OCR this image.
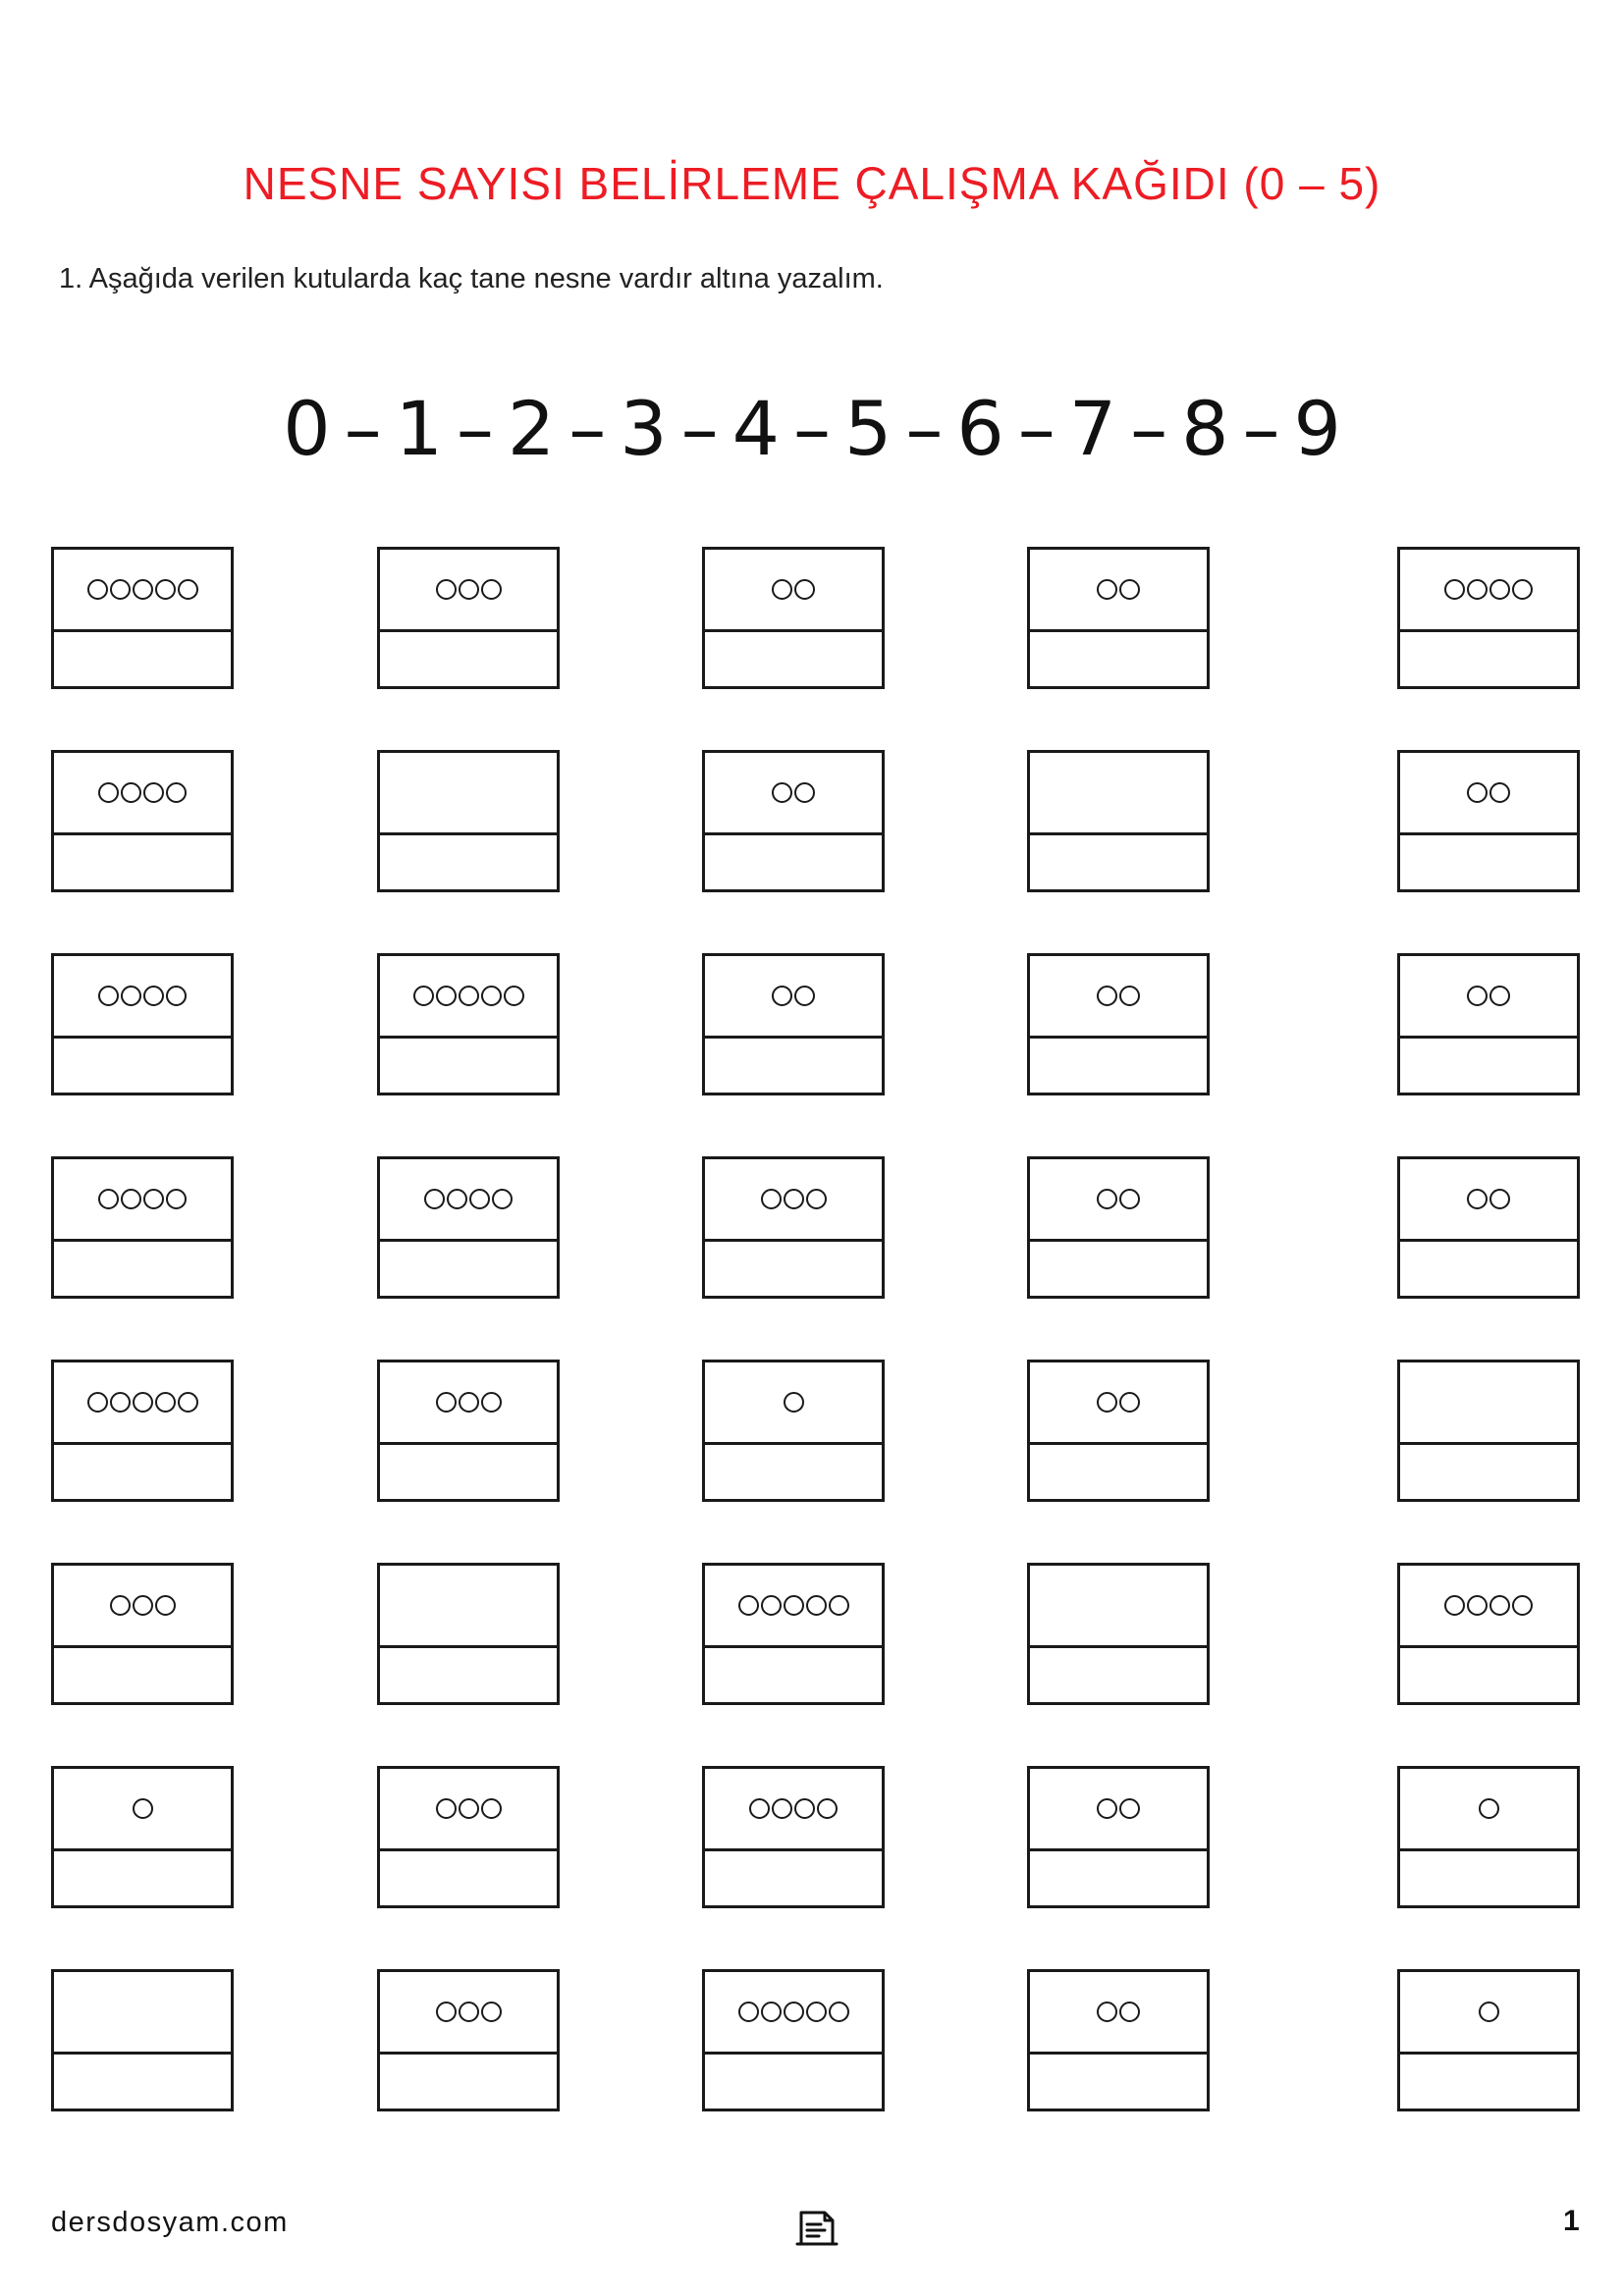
NESNE SAYISI BELİRLEME ÇALIŞMA KAĞIDI (0 – 5)
1. Aşağıda verilen kutularda kaç tane nesne vardır altına yazalım.
0 – 1 – 2 – 3 – 4 – 5 – 6 – 7 – 8 – 9
dersdosyam.com	1
